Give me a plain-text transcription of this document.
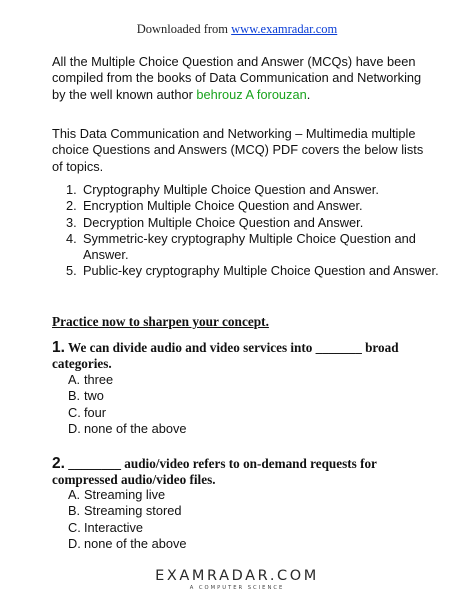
Downloaded from www.examradar.com
All the Multiple Choice Question and Answer (MCQs) have been compiled from the books of Data Communication and Networking by the well known author behrouz A forouzan.
This Data Communication and Networking – Multimedia multiple choice Questions and Answers (MCQ) PDF covers the below lists of topics.
1. Cryptography Multiple Choice Question and Answer.
2. Encryption Multiple Choice Question and Answer.
3. Decryption Multiple Choice Question and Answer.
4. Symmetric-key cryptography Multiple Choice Question and Answer.
5. Public-key cryptography Multiple Choice Question and Answer.
Practice now to sharpen your concept.
1. We can divide audio and video services into _______ broad categories.
A. three
B. two
C. four
D. none of the above
2. ________ audio/video refers to on-demand requests for compressed audio/video files.
A. Streaming live
B. Streaming stored
C. Interactive
D. none of the above
EXAMRADAR.COM
A COMPUTER SCIENCE
